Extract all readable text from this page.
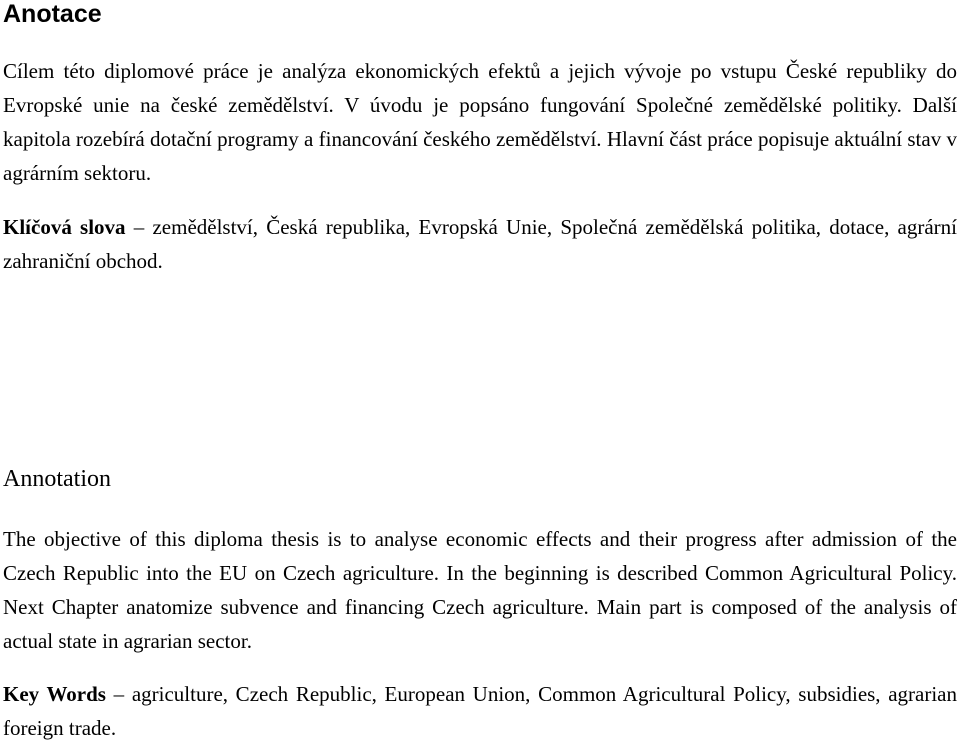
Anotace

Cílem této diplomové práce je analýza ekonomických efektů a jejich vývoje po vstupu České republiky do Evropské unie na české zemědělství. V úvodu je popsáno fungování Společné zemědělské politiky. Další kapitola rozebírá dotační programy a financování českého zemědělství. Hlavní část práce popisuje aktuální stav v agrárním sektoru.

Klíčová slova – zemědělství, Česká republika, Evropská Unie, Společná zemědělská politika, dotace, agrární zahraniční obchod.

Annotation

The objective of this diploma thesis is to analyse economic effects and their progress after admission of the Czech Republic into the EU on Czech agriculture. In the beginning is described Common Agricultural Policy. Next Chapter anatomize subvence and financing Czech agriculture. Main part is composed of the analysis of actual state in agrarian sector.

Key Words – agriculture, Czech Republic, European Union, Common Agricultural Policy, subsidies, agrarian foreign trade.
